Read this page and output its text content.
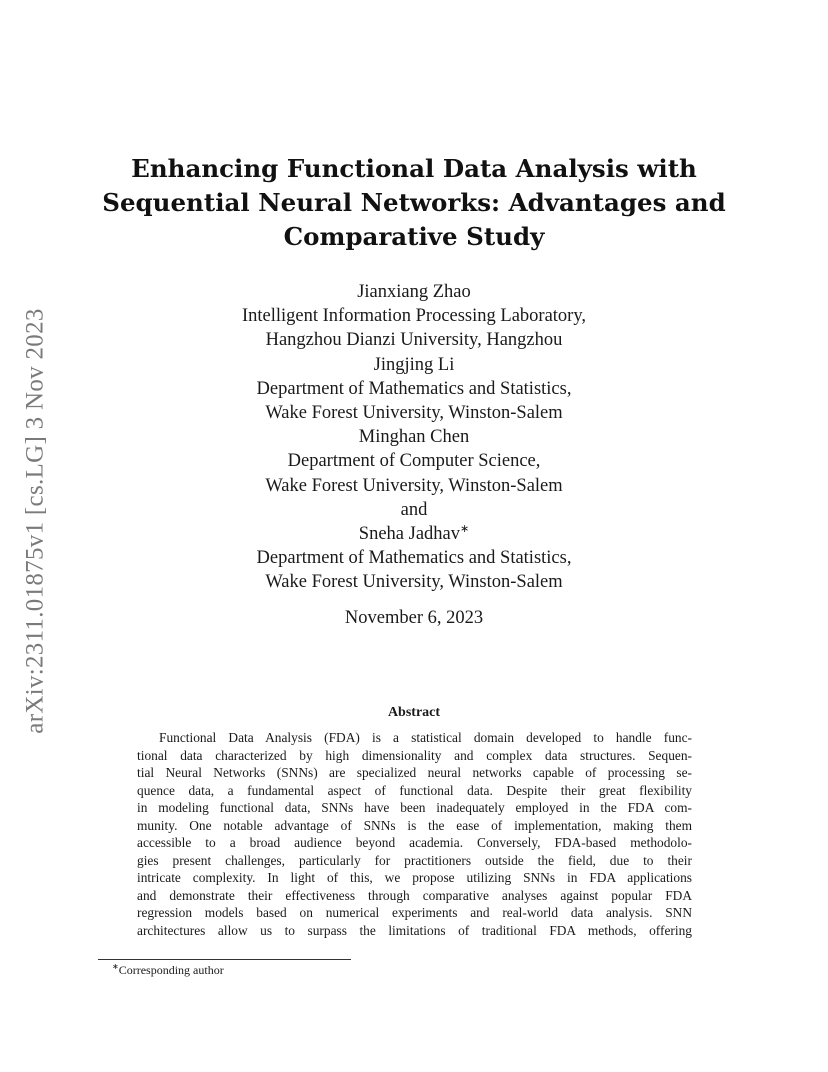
arXiv:2311.01875v1 [cs.LG] 3 Nov 2023
Enhancing Functional Data Analysis with
Sequential Neural Networks: Advantages and
Comparative Study
Jianxiang Zhao
Intelligent Information Processing Laboratory,
Hangzhou Dianzi University, Hangzhou
Jingjing Li
Department of Mathematics and Statistics,
Wake Forest University, Winston-Salem
Minghan Chen
Department of Computer Science,
Wake Forest University, Winston-Salem
and
Sneha Jadhav∗
Department of Mathematics and Statistics,
Wake Forest University, Winston-Salem
November 6, 2023
Abstract
Functional Data Analysis (FDA) is a statistical domain developed to handle func-
tional data characterized by high dimensionality and complex data structures. Sequen-
tial Neural Networks (SNNs) are specialized neural networks capable of processing se-
quence data, a fundamental aspect of functional data. Despite their great flexibility
in modeling functional data, SNNs have been inadequately employed in the FDA com-
munity. One notable advantage of SNNs is the ease of implementation, making them
accessible to a broad audience beyond academia. Conversely, FDA-based methodolo-
gies present challenges, particularly for practitioners outside the field, due to their
intricate complexity. In light of this, we propose utilizing SNNs in FDA applications
and demonstrate their effectiveness through comparative analyses against popular FDA
regression models based on numerical experiments and real-world data analysis. SNN
architectures allow us to surpass the limitations of traditional FDA methods, offering
∗Corresponding author
